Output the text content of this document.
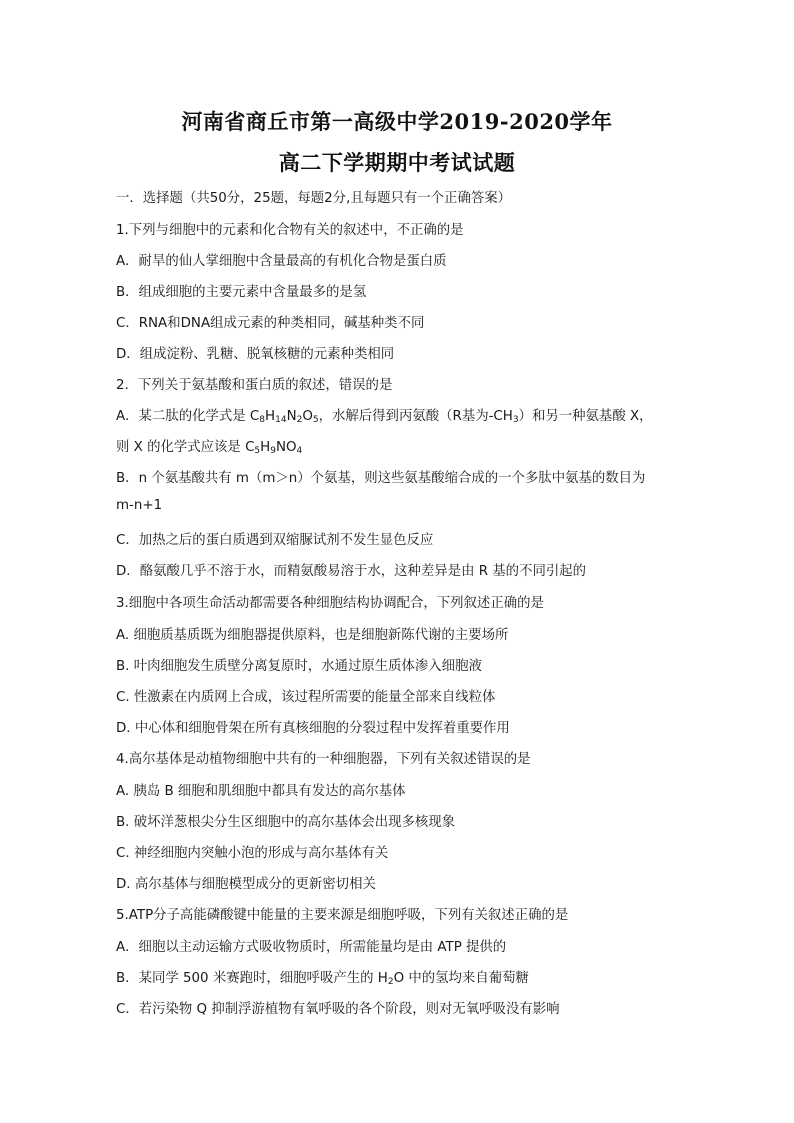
河南省商丘市第一高级中学2019-2020学年
高二下学期期中考试试题
一．选择题（共50分，25题，每题2分,且每题只有一个正确答案）
1.下列与细胞中的元素和化合物有关的叙述中，不正确的是
A．耐旱的仙人掌细胞中含量最高的有机化合物是蛋白质
B．组成细胞的主要元素中含量最多的是氢
C．RNA和DNA组成元素的种类相同，碱基种类不同
D．组成淀粉、乳糖、脱氧核糖的元素种类相同
2．下列关于氨基酸和蛋白质的叙述，错误的是
A．某二肽的化学式是 $C_8H_{14}N_2O_5$，水解后得到丙氨酸（R基为$-CH_3$）和另一种氨基酸 X，
则 X 的化学式应该是 $C_5H_9NO_4$
B．n 个氨基酸共有 m（m＞n）个氨基，则这些氨基酸缩合成的一个多肽中氨基的数目为
m-n+1
C．加热之后的蛋白质遇到双缩脲试剂不发生显色反应
D．酪氨酸几乎不溶于水，而精氨酸易溶于水，这种差异是由 R 基的不同引起的
3.细胞中各项生命活动都需要各种细胞结构协调配合，下列叙述正确的是
A. 细胞质基质既为细胞器提供原料，也是细胞新陈代谢的主要场所
B. 叶肉细胞发生质壁分离复原时，水通过原生质体渗入细胞液
C. 性激素在内质网上合成，该过程所需要的能量全部来自线粒体
D. 中心体和细胞骨架在所有真核细胞的分裂过程中发挥着重要作用
4.高尔基体是动植物细胞中共有的一种细胞器，下列有关叙述错误的是
A. 胰岛 B 细胞和肌细胞中都具有发达的高尔基体
B. 破坏洋葱根尖分生区细胞中的高尔基体会出现多核现象
C. 神经细胞内突触小泡的形成与高尔基体有关
D. 高尔基体与细胞模型成分的更新密切相关
5.ATP分子高能磷酸键中能量的主要来源是细胞呼吸，下列有关叙述正确的是
A．细胞以主动运输方式吸收物质时，所需能量均是由 ATP 提供的
B．某同学 500 米赛跑时，细胞呼吸产生的 $H_2O$ 中的氢均来自葡萄糖
C．若污染物 Q 抑制浮游植物有氧呼吸的各个阶段，则对无氧呼吸没有影响
